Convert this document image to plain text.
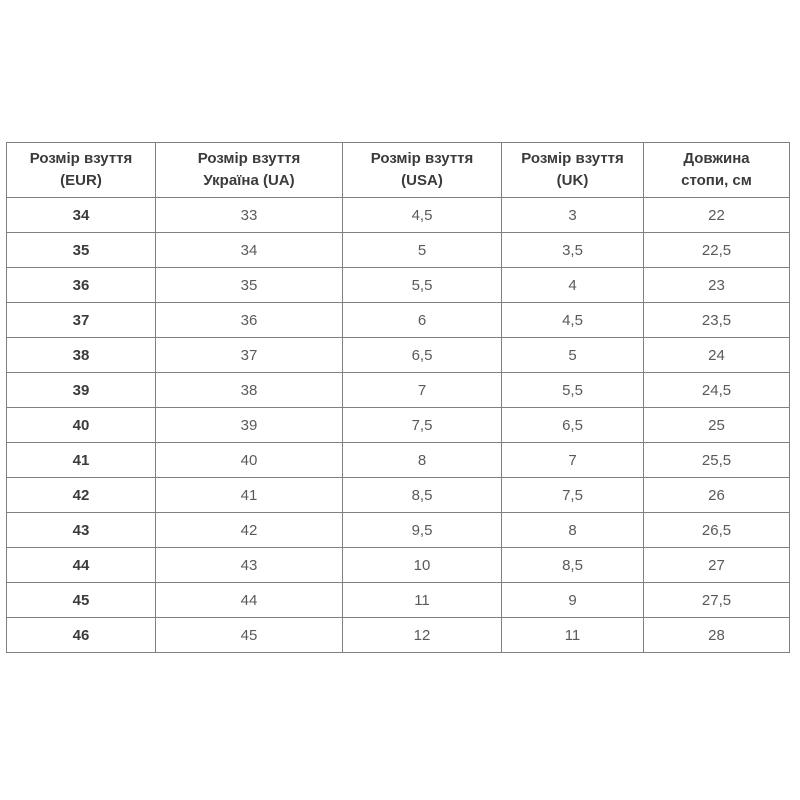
Розмір взуття (EUR)	Розмір взуття Україна (UA)	Розмір взуття (USA)	Розмір взуття (UK)	Довжина стопи, см
34	33	4,5	3	22
35	34	5	3,5	22,5
36	35	5,5	4	23
37	36	6	4,5	23,5
38	37	6,5	5	24
39	38	7	5,5	24,5
40	39	7,5	6,5	25
41	40	8	7	25,5
42	41	8,5	7,5	26
43	42	9,5	8	26,5
44	43	10	8,5	27
45	44	11	9	27,5
46	45	12	11	28
